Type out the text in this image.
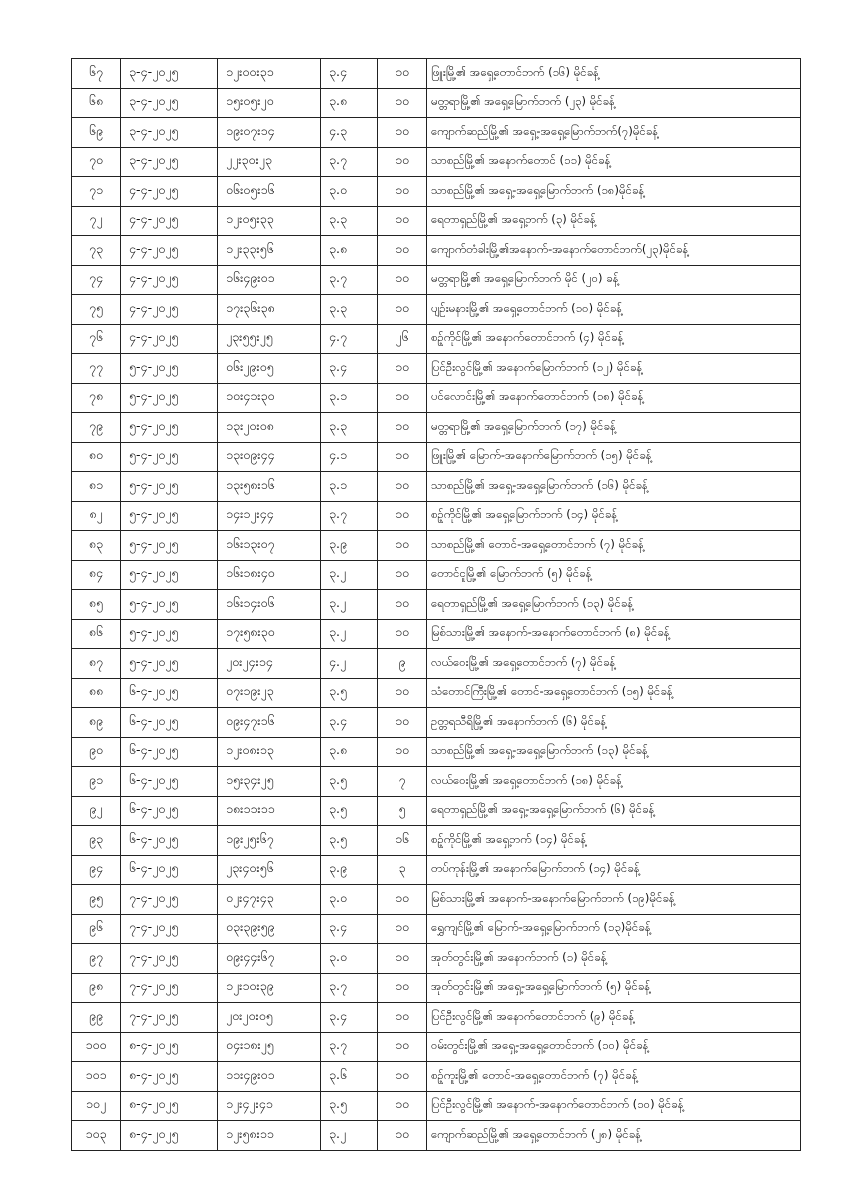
၆၇	၃-၄-၂၀၂၅	၁၂း၀၀း၃၁	၃.၄	၁၀	ဖြူးမြို့၏ အရှေ့တောင်ဘက် (၁၆) မိုင်ခန့်
၆၈	၃-၄-၂၀၂၅	၁၅း၀၅း၂၀	၃.၈	၁၀	မတ္တရာမြို့၏ အရှေ့မြောက်ဘက် (၂၃) မိုင်ခန့်
၆၉	၃-၄-၂၀၂၅	၁၉း၀၇း၁၄	၄.၃	၁၀	ကျောက်ဆည်မြို့၏ အရှေ့-အရှေ့မြောက်ဘက်(၇)မိုင်ခန့်
၇၀	၃-၄-၂၀၂၅	၂၂း၃၀း၂၃	၃.၇	၁၀	သာစည်မြို့၏ အနောက်တောင် (၁၁) မိုင်ခန့်
၇၁	၄-၄-၂၀၂၅	၀၆း၀၅း၁၆	၃.၀	၁၀	သာစည်မြို့၏ အရှေ့-အရှေ့မြောက်ဘက် (၁၈)မိုင်ခန့်
၇၂	၄-၄-၂၀၂၅	၁၂း၀၅း၃၃	၃.၃	၁၀	ရေတာရှည်မြို့၏ အရှေ့ဘက် (၃) မိုင်ခန့်
၇၃	၄-၄-၂၀၂၅	၁၂း၃၃း၅၆	၃.၈	၁၀	ကျောက်တံခါးမြို့၏အနောက်-အနောက်တောင်ဘက်(၂၃)မိုင်ခန့်
၇၄	၄-၄-၂၀၂၅	၁၆း၄၉း၀၁	၃.၇	၁၀	မတ္တရာမြို့၏ အရှေ့မြောက်ဘက် မိုင် (၂၀) ခန့်
၇၅	၄-၄-၂၀၂၅	၁၇း၃၆း၃၈	၃.၃	၁၀	ပျဉ်းမနားမြို့၏ အရှေ့တောင်ဘက် (၁၀) မိုင်ခန့်
၇၆	၄-၄-၂၀၂၅	၂၃း၅၅း၂၅	၄.၇	၂၆	စဉ့်ကိုင်မြို့၏ အနောက်တောင်ဘက် (၄) မိုင်ခန့်
၇၇	၅-၄-၂၀၂၅	၀၆း၂၉း၀၅	၃.၄	၁၀	ပြင်ဦးလွင်မြို့၏ အနောက်မြောက်ဘက် (၁၂) မိုင်ခန့်
၇၈	၅-၄-၂၀၂၅	၁၀း၄၁း၃၀	၃.၁	၁၀	ပင်လောင်းမြို့၏ အနောက်တောင်ဘက် (၁၈) မိုင်ခန့်
၇၉	၅-၄-၂၀၂၅	၁၃း၂၀း၀၈	၃.၃	၁၀	မတ္တရာမြို့၏ အရှေ့မြောက်ဘက် (၁၇) မိုင်ခန့်
၈၀	၅-၄-၂၀၂၅	၁၃း၀၉း၄၄	၄.၁	၁၀	ဖြူးမြို့၏ မြောက်-အနောက်မြောက်ဘက် (၁၅) မိုင်ခန့်
၈၁	၅-၄-၂၀၂၅	၁၃း၅၈း၁၆	၃.၁	၁၀	သာစည်မြို့၏ အရှေ့-အရှေ့မြောက်ဘက် (၁၆) မိုင်ခန့်
၈၂	၅-၄-၂၀၂၅	၁၄း၁၂း၄၄	၃.၇	၁၀	စဉ့်ကိုင်မြို့၏ အရှေ့မြောက်ဘက် (၁၄) မိုင်ခန့်
၈၃	၅-၄-၂၀၂၅	၁၆း၁၃း၀၇	၃.၉	၁၀	သာစည်မြို့၏ တောင်-အရှေ့တောင်ဘက် (၇) မိုင်ခန့်
၈၄	၅-၄-၂၀၂၅	၁၆း၁၈း၄၀	၃.၂	၁၀	တောင်ငူမြို့၏ မြောက်ဘက် (၅) မိုင်ခန့်
၈၅	၅-၄-၂၀၂၅	၁၆း၁၄း၀၆	၃.၂	၁၀	ရေတာရှည်မြို့၏ အရှေ့မြောက်ဘက် (၁၃) မိုင်ခန့်
၈၆	၅-၄-၂၀၂၅	၁၇း၅၈း၃၀	၃.၂	၁၀	မြစ်သားမြို့၏ အနောက်-အနောက်တောင်ဘက် (၈) မိုင်ခန့်
၈၇	၅-၄-၂၀၂၅	၂၀း၂၄း၁၄	၄.၂	၉	လယ်ဝေးမြို့၏ အရှေ့တောင်ဘက် (၇) မိုင်ခန့်
၈၈	၆-၄-၂၀၂၅	၀၇း၁၉း၂၃	၃.၅	၁၀	သံတောင်ကြီးမြို့၏ တောင်-အရှေ့တောင်ဘက် (၁၅) မိုင်ခန့်
၈၉	၆-၄-၂၀၂၅	၀၉း၄၇း၁၆	၃.၄	၁၀	ဥတ္တရသီရိမြို့၏ အနောက်ဘက် (၆) မိုင်ခန့်
၉၀	၆-၄-၂၀၂၅	၁၂း၀၈း၁၃	၃.၈	၁၀	သာစည်မြို့၏ အရှေ့-အရှေ့မြောက်ဘက် (၁၃) မိုင်ခန့်
၉၁	၆-၄-၂၀၂၅	၁၅း၃၄း၂၅	၃.၅	၇	လယ်ဝေးမြို့၏ အရှေ့တောင်ဘက် (၁၈) မိုင်ခန့်
၉၂	၆-၄-၂၀၂၅	၁၈း၁၁း၁၁	၃.၅	၅	ရေတာရှည်မြို့၏ အရှေ့-အရှေ့မြောက်ဘက် (၆) မိုင်ခန့်
၉၃	၆-၄-၂၀၂၅	၁၉း၂၅း၆၇	၃.၅	၁၆	စဉ့်ကိုင်မြို့၏ အရှေ့ဘက် (၁၄) မိုင်ခန့်
၉၄	၆-၄-၂၀၂၅	၂၃း၄၀း၅၆	၃.၉	၃	တပ်ကုန်းမြို့၏ အနောက်မြောက်ဘက် (၁၄) မိုင်ခန့်
၉၅	၇-၄-၂၀၂၅	၀၂း၄၇း၄၃	၃.၀	၁၀	မြစ်သားမြို့၏ အနောက်-အနောက်မြောက်ဘက် (၁၉)မိုင်ခန့်
၉၆	၇-၄-၂၀၂၅	၀၃း၃၉း၅၉	၃.၄	၁၀	ရွှေကျင်မြို့၏ မြောက်-အရှေ့မြောက်ဘက် (၁၃)မိုင်ခန့်
၉၇	၇-၄-၂၀၂၅	၀၉း၄၄း၆၇	၃.၀	၁၀	အုတ်တွင်းမြို့၏ အနောက်ဘက် (၁) မိုင်ခန့်
၉၈	၇-၄-၂၀၂၅	၁၂း၁၀း၃၉	၃.၇	၁၀	အုတ်တွင်းမြို့၏ အရှေ့-အရှေ့မြောက်ဘက် (၅) မိုင်ခန့်
၉၉	၇-၄-၂၀၂၅	၂၀း၂၀း၀၅	၃.၄	၁၀	ပြင်ဦးလွင်မြို့၏ အနောက်တောင်ဘက် (၉) မိုင်ခန့်
၁၀၀	၈-၄-၂၀၂၅	၀၄း၁၈း၂၅	၃.၇	၁၀	ဝမ်းတွင်းမြို့၏ အရှေ့-အရှေ့တောင်ဘက် (၁၀) မိုင်ခန့်
၁၀၁	၈-၄-၂၀၂၅	၁၁း၄၉း၀၁	၃.၆	၁၀	စဉ့်ကူးမြို့၏ တောင်-အရှေ့တောင်ဘက် (၇) မိုင်ခန့်
၁၀၂	၈-၄-၂၀၂၅	၁၂း၄၂း၄၁	၃.၅	၁၀	ပြင်ဦးလွင်မြို့၏ အနောက်-အနောက်တောင်ဘက် (၁၀) မိုင်ခန့်
၁၀၃	၈-၄-၂၀၂၅	၁၂း၅၈း၁၁	၃.၂	၁၀	ကျောက်ဆည်မြို့၏ အရှေ့တောင်ဘက် (၂၈) မိုင်ခန့်
